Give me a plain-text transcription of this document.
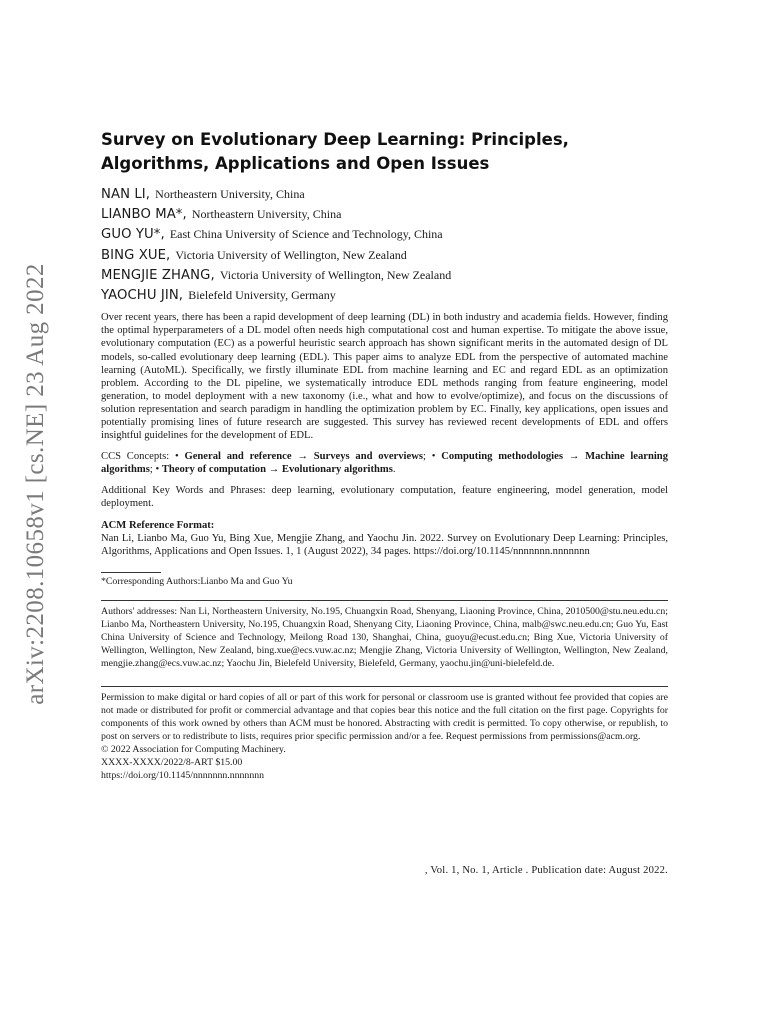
arXiv:2208.10658v1 [cs.NE] 23 Aug 2022
Survey on Evolutionary Deep Learning: Principles, Algorithms, Applications and Open Issues
NAN LI, Northeastern University, China
LIANBO MA*, Northeastern University, China
GUO YU*, East China University of Science and Technology, China
BING XUE, Victoria University of Wellington, New Zealand
MENGJIE ZHANG, Victoria University of Wellington, New Zealand
YAOCHU JIN, Bielefeld University, Germany

Over recent years, there has been a rapid development of deep learning (DL) in both industry and academia fields. However, finding the optimal hyperparameters of a DL model often needs high computational cost and human expertise. To mitigate the above issue, evolutionary computation (EC) as a powerful heuristic search approach has shown significant merits in the automated design of DL models, so-called evolutionary deep learning (EDL). This paper aims to analyze EDL from the perspective of automated machine learning (AutoML). Specifically, we firstly illuminate EDL from machine learning and EC and regard EDL as an optimization problem. According to the DL pipeline, we systematically introduce EDL methods ranging from feature engineering, model generation, to model deployment with a new taxonomy (i.e., what and how to evolve/optimize), and focus on the discussions of solution representation and search paradigm in handling the optimization problem by EC. Finally, key applications, open issues and potentially promising lines of future research are suggested. This survey has reviewed recent developments of EDL and offers insightful guidelines for the development of EDL.

CCS Concepts: • General and reference → Surveys and overviews; • Computing methodologies → Machine learning algorithms; • Theory of computation → Evolutionary algorithms.

Additional Key Words and Phrases: deep learning, evolutionary computation, feature engineering, model generation, model deployment.

ACM Reference Format:

Nan Li, Lianbo Ma, Guo Yu, Bing Xue, Mengjie Zhang, and Yaochu Jin. 2022. Survey on Evolutionary Deep Learning: Principles, Algorithms, Applications and Open Issues. 1, 1 (August 2022), 34 pages. https://doi.org/10.1145/nnnnnnn.nnnnnnn

*Corresponding Authors:Lianbo Ma and Guo Yu

Authors' addresses: Nan Li, Northeastern University, No.195, Chuangxin Road, Shenyang, Liaoning Province, China, 2010500@stu.neu.edu.cn; Lianbo Ma, Northeastern University, No.195, Chuangxin Road, Shenyang City, Liaoning Province, China, malb@swc.neu.edu.cn; Guo Yu, East China University of Science and Technology, Meilong Road 130, Shanghai, China, guoyu@ecust.edu.cn; Bing Xue, Victoria University of Wellington, Wellington, New Zealand, bing.xue@ecs.vuw.ac.nz; Mengjie Zhang, Victoria University of Wellington, Wellington, New Zealand, mengjie.zhang@ecs.vuw.ac.nz; Yaochu Jin, Bielefeld University, Bielefeld, Germany, yaochu.jin@uni-bielefeld.de.

Permission to make digital or hard copies of all or part of this work for personal or classroom use is granted without fee provided that copies are not made or distributed for profit or commercial advantage and that copies bear this notice and the full citation on the first page. Copyrights for components of this work owned by others than ACM must be honored. Abstracting with credit is permitted. To copy otherwise, or republish, to post on servers or to redistribute to lists, requires prior specific permission and/or a fee. Request permissions from permissions@acm.org.

© 2022 Association for Computing Machinery.

XXXX-XXXX/2022/8-ART $15.00

https://doi.org/10.1145/nnnnnnn.nnnnnnn

, Vol. 1, No. 1, Article . Publication date: August 2022.
